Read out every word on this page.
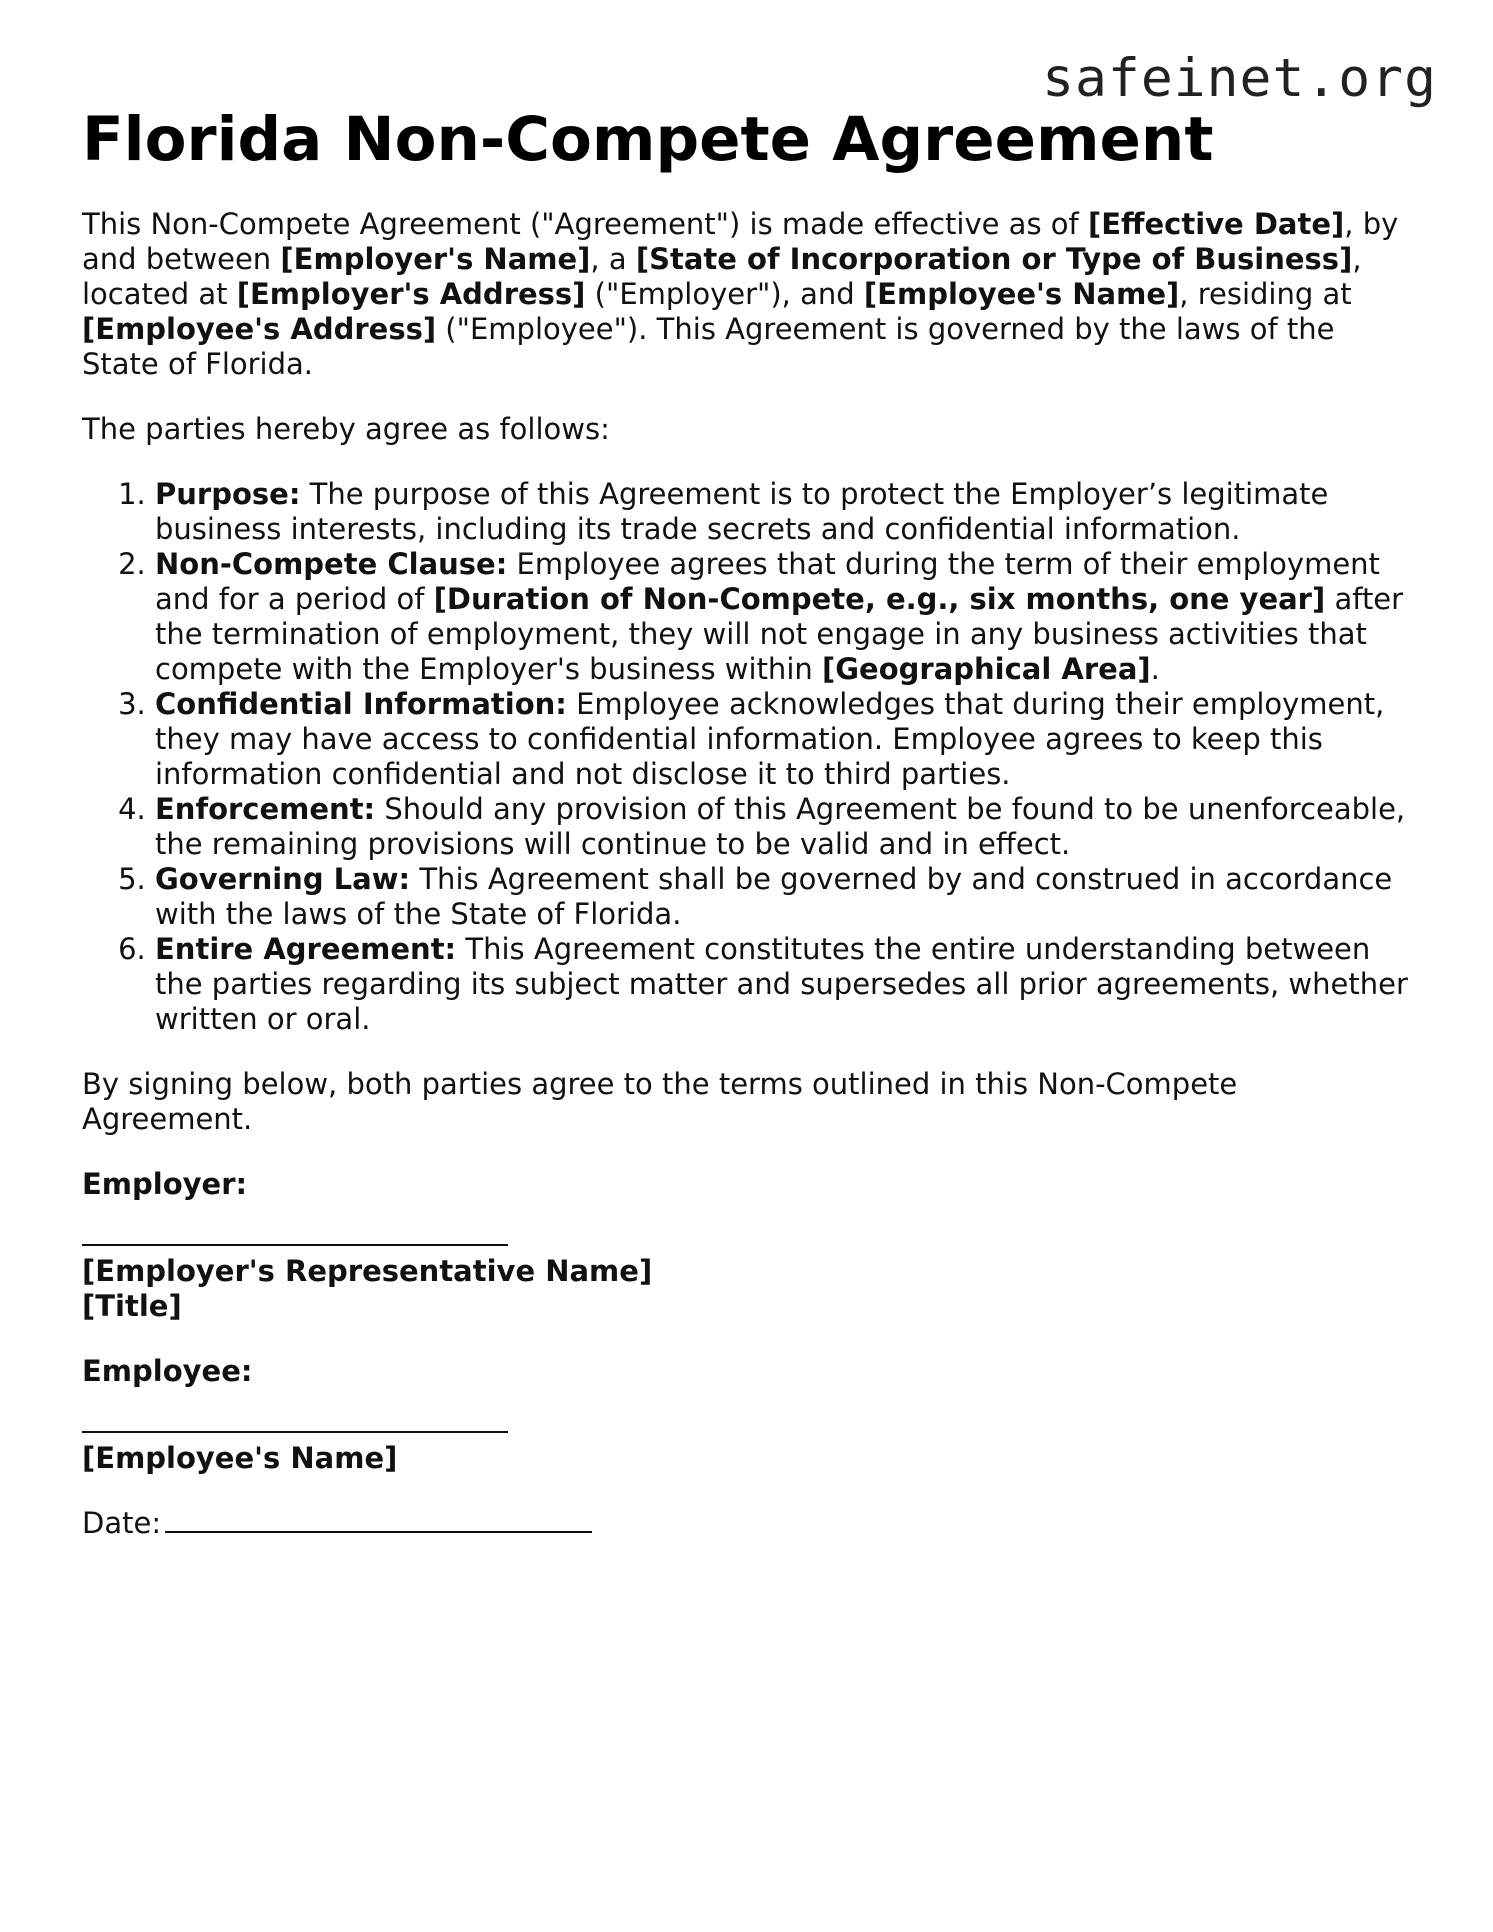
safeinet.org
Florida Non-Compete Agreement

This Non-Compete Agreement ("Agreement") is made effective as of [Effective Date], by and between [Employer's Name], a [State of Incorporation or Type of Business], located at [Employer's Address] ("Employer"), and [Employee's Name], residing at [Employee's Address] ("Employee"). This Agreement is governed by the laws of the State of Florida.

The parties hereby agree as follows:

1. Purpose: The purpose of this Agreement is to protect the Employer’s legitimate business interests, including its trade secrets and confidential information.
2. Non-Compete Clause: Employee agrees that during the term of their employment and for a period of [Duration of Non-Compete, e.g., six months, one year] after the termination of employment, they will not engage in any business activities that compete with the Employer's business within [Geographical Area].
3. Confidential Information: Employee acknowledges that during their employment, they may have access to confidential information. Employee agrees to keep this information confidential and not disclose it to third parties.
4. Enforcement: Should any provision of this Agreement be found to be unenforceable, the remaining provisions will continue to be valid and in effect.
5. Governing Law: This Agreement shall be governed by and construed in accordance with the laws of the State of Florida.
6. Entire Agreement: This Agreement constitutes the entire understanding between the parties regarding its subject matter and supersedes all prior agreements, whether written or oral.

By signing below, both parties agree to the terms outlined in this Non-Compete Agreement.

Employer:

[Employer's Representative Name]

[Title]

Employee:

[Employee's Name]

Date:
